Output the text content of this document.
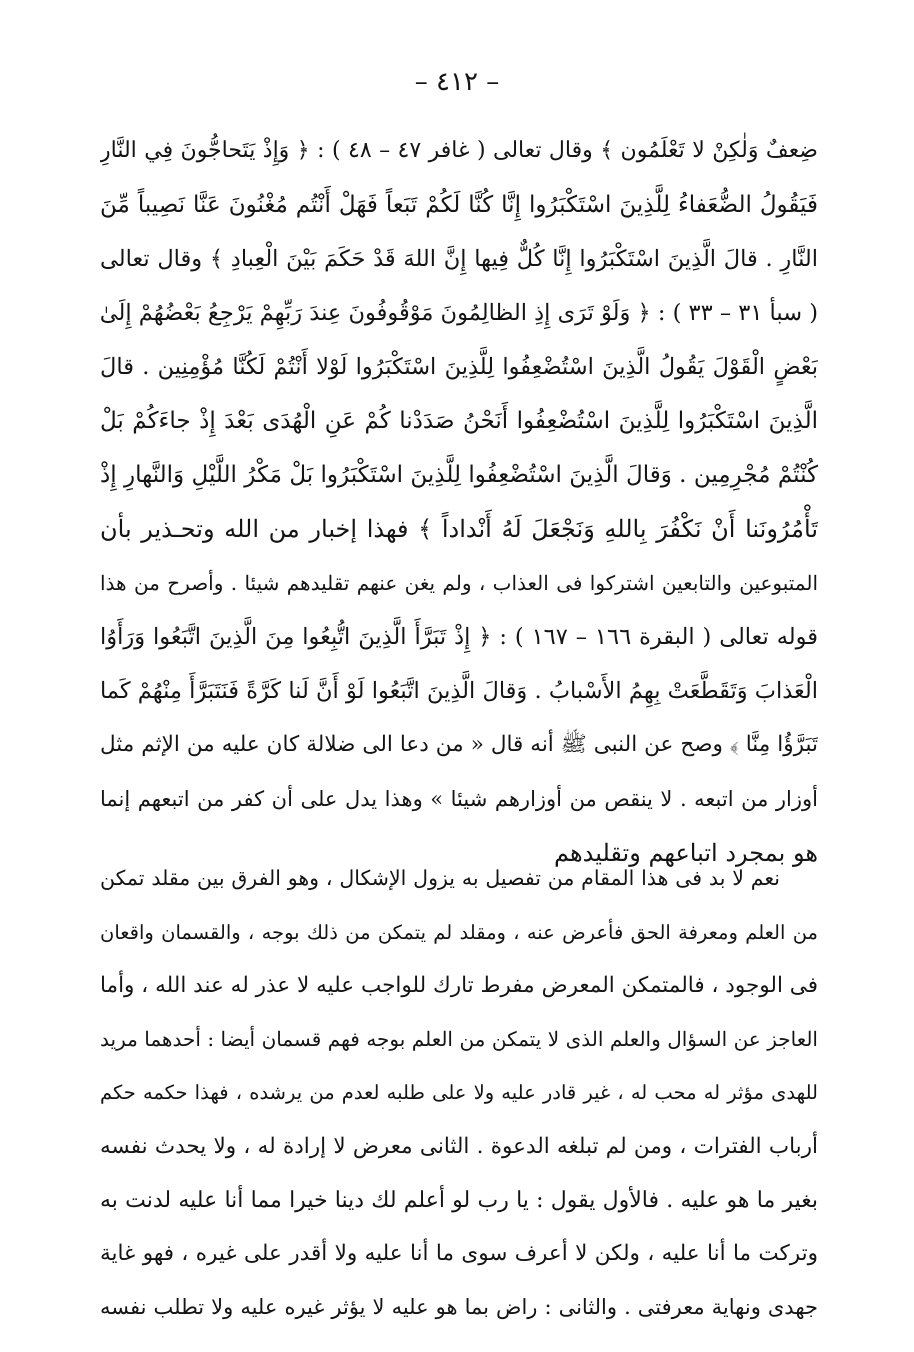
– ٤١٢ –
ضِعفٌ وَلٰكِنْ لا تَعْلَمُون ﴾ وقال تعالى ( غافر ٤٧ – ٤٨ ) : ﴿ وَإِذْ يَتَحاجُّونَ فِي النَّارِ
فَيَقُولُ الضُّعَفاءُ لِلَّذِينَ اسْتَكْبَرُوا إِنَّا كُنَّا لَكُمْ تَبَعاً فَهَلْ أَنْتُم مُغْنُونَ عَنَّا نَصِيباً مِّنَ
النَّارِ . قالَ الَّذِينَ اسْتَكْبَرُوا إِنَّا كُلٌّ فِيها إِنَّ اللهَ قَدْ حَكَمَ بَيْنَ الْعِبادِ ﴾ وقال تعالى
( سبأ ٣١ – ٣٣ ) : ﴿ وَلَوْ تَرَى إِذِ الظالِمُونَ مَوْقُوفُونَ عِندَ رَبِّهِمْ يَرْجِعُ بَعْضُهُمْ إِلَىٰ
بَعْضٍ الْقَوْلَ يَقُولُ الَّذِينَ اسْتُضْعِفُوا لِلَّذِينَ اسْتَكْبَرُوا لَوْلا أَنْتُمْ لَكُنَّا مُؤْمِنِين . قالَ
الَّذِينَ اسْتَكْبَرُوا لِلَّذِينَ اسْتُضْعِفُوا أَنَحْنُ صَدَدْنا كُمْ عَنِ الْهُدَى بَعْدَ إِذْ جاءَكُمْ بَلْ
كُنْتُمْ مُجْرِمِين . وَقالَ الَّذِينَ اسْتُضْعِفُوا لِلَّذِينَ اسْتَكْبَرُوا بَلْ مَكْرُ اللَّيْلِ وَالنَّهارِ إِذْ
تَأْمُرُونَنا أَنْ نَكْفُرَ بِاللهِ وَنَجْعَلَ لَهُ أَنْداداً ﴾ فهذا إخبار من الله وتحـذير بأن
المتبوعين والتابعين اشتركوا فى العذاب ، ولم يغن عنهم تقليدهم شيئا . وأصرح من هذا
قوله تعالى ( البقرة ١٦٦ – ١٦٧ ) : ﴿ إِذْ تَبَرَّأَ الَّذِينَ اتُّبِعُوا مِنَ الَّذِينَ اتَّبَعُوا وَرَأَوُا
الْعَذابَ وَتَقَطَّعَتْ بِهِمُ الأَسْبابُ . وَقالَ الَّذِينَ اتَّبَعُوا لَوْ أَنَّ لَنا كَرَّةً فَنَتَبَرَّأَ مِنْهُمْ كَما
تَبَرَّؤُا مِنَّا ﴾ وصح عن النبى ﷺ أنه قال « من دعا الى ضلالة كان عليه من الإثم مثل
أوزار من اتبعه . لا ينقص من أوزارهم شيئا » وهذا يدل على أن كفر من اتبعهم إنما
هو بمجرد اتباعهم وتقليدهم
نعم لا بد فى هذا المقام من تفصيل به يزول الإشكال ، وهو الفرق بين مقلد تمكن
من العلم ومعرفة الحق فأعرض عنه ، ومقلد لم يتمكن من ذلك بوجه ، والقسمان واقعان
فى الوجود ، فالمتمكن المعرض مفرط تارك للواجب عليه لا عذر له عند الله ، وأما
العاجز عن السؤال والعلم الذى لا يتمكن من العلم بوجه فهم قسمان أيضا : أحدهما مريد
للهدى مؤثر له محب له ، غير قادر عليه ولا على طلبه لعدم من يرشده ، فهذا حكمه حكم
أرباب الفترات ، ومن لم تبلغه الدعوة . الثانى معرض لا إرادة له ، ولا يحدث نفسه
بغير ما هو عليه . فالأول يقول : يا رب لو أعلم لك دينا خيرا مما أنا عليه لدنت به
وتركت ما أنا عليه ، ولكن لا أعرف سوى ما أنا عليه ولا أقدر على غيره ، فهو غاية
جهدى ونهاية معرفتى . والثانى : راض بما هو عليه لا يؤثر غيره عليه ولا تطلب نفسه
